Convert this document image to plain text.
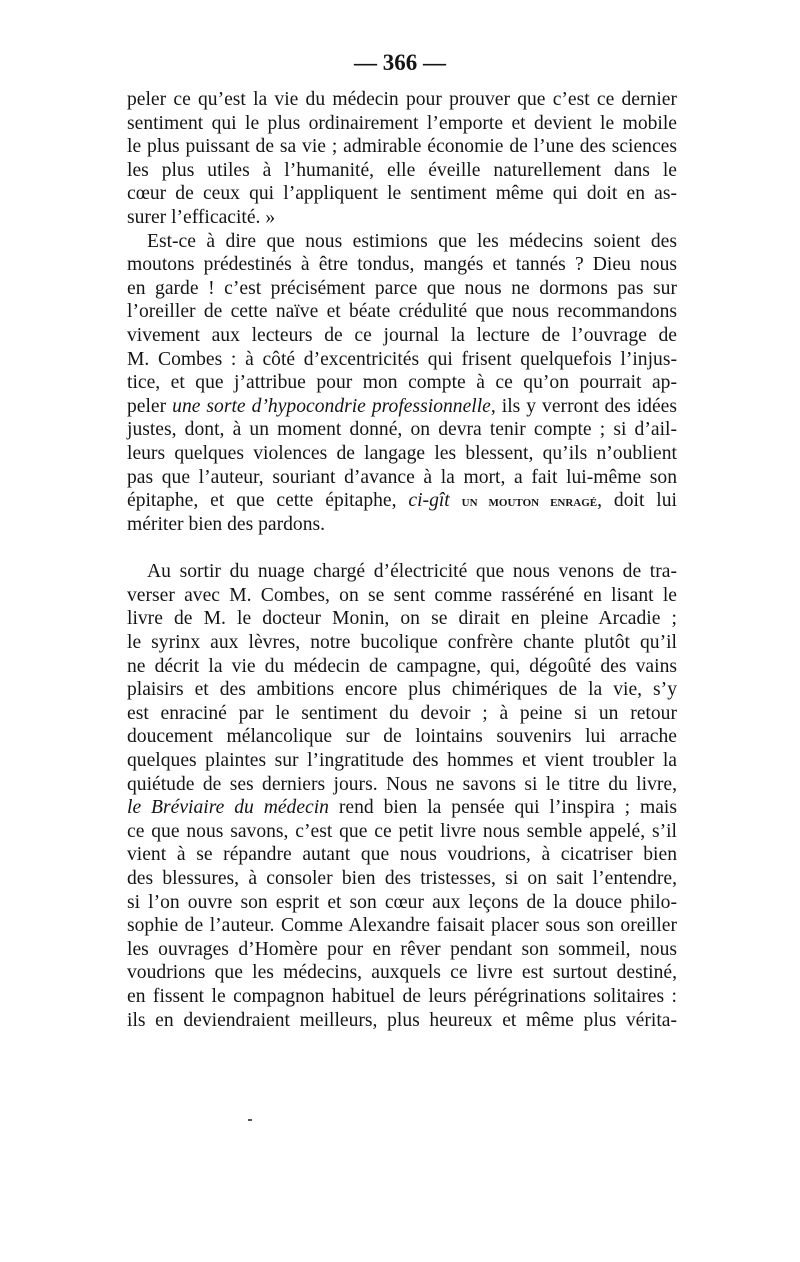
— 366 —
peler ce qu’est la vie du médecin pour prouver que c’est ce dernier
sentiment qui le plus ordinairement l’emporte et devient le mobile
le plus puissant de sa vie ; admirable économie de l’une des sciences
les plus utiles à l’humanité, elle éveille naturellement dans le
cœur de ceux qui l’appliquent le sentiment même qui doit en as-
surer l’efficacité. »
Est-ce à dire que nous estimions que les médecins soient des
moutons prédestinés à être tondus, mangés et tannés ? Dieu nous
en garde ! c’est précisément parce que nous ne dormons pas sur
l’oreiller de cette naïve et béate crédulité que nous recommandons
vivement aux lecteurs de ce journal la lecture de l’ouvrage de
M. Combes : à côté d’excentricités qui frisent quelquefois l’injus-
tice, et que j’attribue pour mon compte à ce qu’on pourrait ap-
peler une sorte d’hypocondrie professionnelle, ils y verront des idées
justes, dont, à un moment donné, on devra tenir compte ; si d’ail-
leurs quelques violences de langage les blessent, qu’ils n’oublient
pas que l’auteur, souriant d’avance à la mort, a fait lui-même son
épitaphe, et que cette épitaphe, ci-gît un mouton enragé, doit lui
mériter bien des pardons.
Au sortir du nuage chargé d’électricité que nous venons de tra-
verser avec M. Combes, on se sent comme rasséréné en lisant le
livre de M. le docteur Monin, on se dirait en pleine Arcadie ;
le syrinx aux lèvres, notre bucolique confrère chante plutôt qu’il
ne décrit la vie du médecin de campagne, qui, dégoûté des vains
plaisirs et des ambitions encore plus chimériques de la vie, s’y
est enraciné par le sentiment du devoir ; à peine si un retour
doucement mélancolique sur de lointains souvenirs lui arrache
quelques plaintes sur l’ingratitude des hommes et vient troubler la
quiétude de ses derniers jours. Nous ne savons si le titre du livre,
le Bréviaire du médecin rend bien la pensée qui l’inspira ; mais
ce que nous savons, c’est que ce petit livre nous semble appelé, s’il
vient à se répandre autant que nous voudrions, à cicatriser bien
des blessures, à consoler bien des tristesses, si on sait l’entendre,
si l’on ouvre son esprit et son cœur aux leçons de la douce philo-
sophie de l’auteur. Comme Alexandre faisait placer sous son oreiller
les ouvrages d’Homère pour en rêver pendant son sommeil, nous
voudrions que les médecins, auxquels ce livre est surtout destiné,
en fissent le compagnon habituel de leurs pérégrinations solitaires :
ils en deviendraient meilleurs, plus heureux et même plus vérita-
